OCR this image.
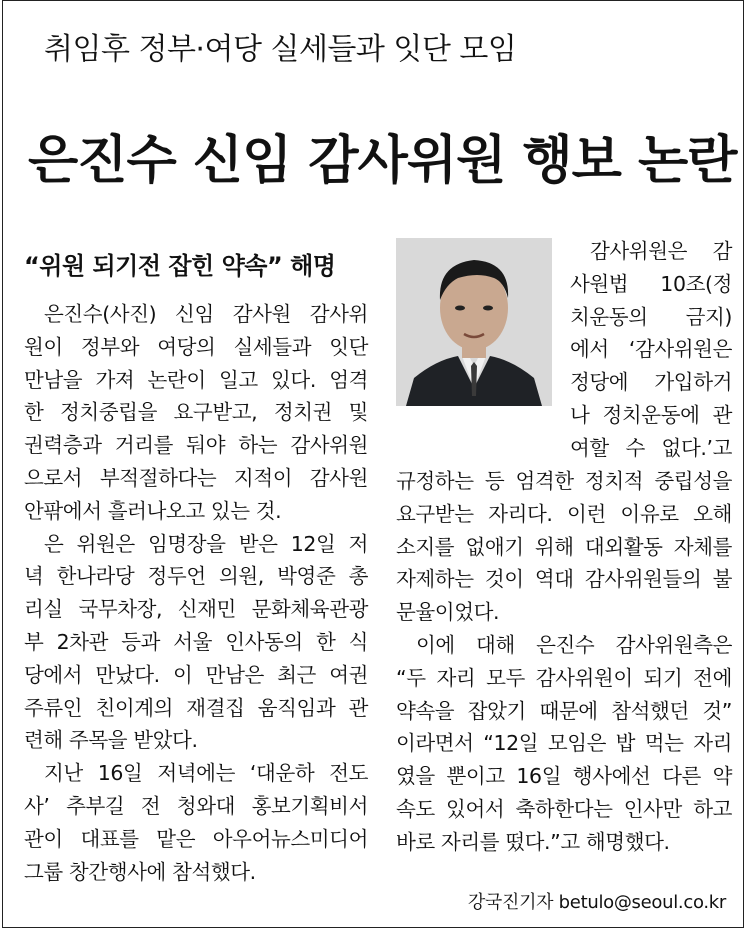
취임후 정부·여당 실세들과 잇단 모임
은진수 신임 감사위원 행보 논란
“위원 되기전 잡힌 약속” 해명
은진수(사진) 신임 감사원 감사위
원이 정부와 여당의 실세들과 잇단
만남을 가져 논란이 일고 있다. 엄격
한 정치중립을 요구받고, 정치권 및
권력층과 거리를 둬야 하는 감사위원
으로서 부적절하다는 지적이 감사원
안팎에서 흘러나오고 있는 것.
은 위원은 임명장을 받은 12일 저
녁 한나라당 정두언 의원, 박영준 총
리실 국무차장, 신재민 문화체육관광
부 2차관 등과 서울 인사동의 한 식
당에서 만났다. 이 만남은 최근 여권
주류인 친이계의 재결집 움직임과 관
련해 주목을 받았다.
지난 16일 저녁에는 ‘대운하 전도
사’ 추부길 전 청와대 홍보기획비서
관이 대표를 맡은 아우어뉴스미디어
그룹 창간행사에 참석했다.
감사위원은 감
사원법 10조(정
치운동의 금지)
에서 ‘감사위원은
정당에 가입하거
나 정치운동에 관
여할 수 없다.’고
규정하는 등 엄격한 정치적 중립성을
요구받는 자리다. 이런 이유로 오해
소지를 없애기 위해 대외활동 자체를
자제하는 것이 역대 감사위원들의 불
문율이었다.
이에 대해 은진수 감사위원측은
“두 자리 모두 감사위원이 되기 전에
약속을 잡았기 때문에 참석했던 것”
이라면서 “12일 모임은 밥 먹는 자리
였을 뿐이고 16일 행사에선 다른 약
속도 있어서 축하한다는 인사만 하고
바로 자리를 떴다.”고 해명했다.
강국진기자 betulo@seoul.co.kr
